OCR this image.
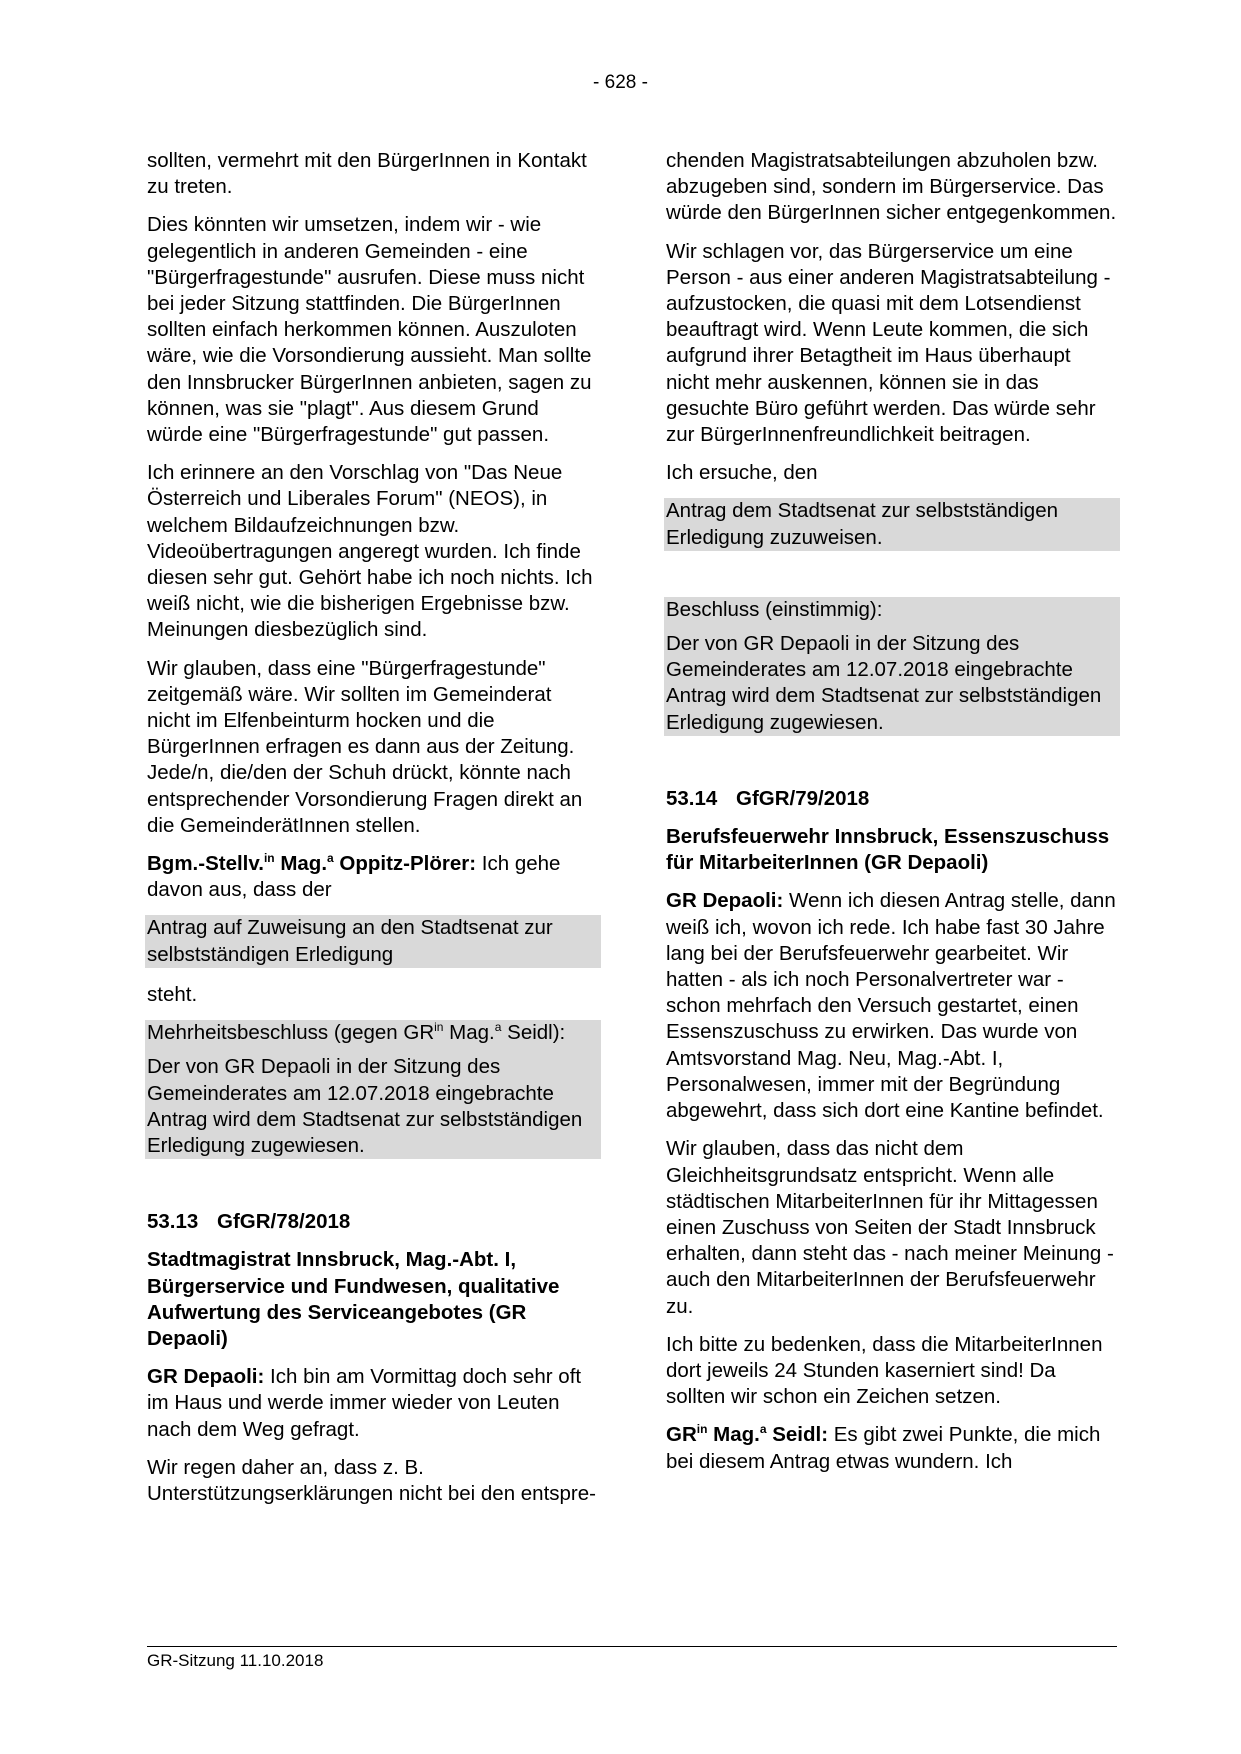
- 628 -

sollten, vermehrt mit den BürgerInnen in Kontakt zu treten.

Dies könnten wir umsetzen, indem wir - wie gelegentlich in anderen Gemeinden - eine "Bürgerfragestunde" ausrufen. Diese muss nicht bei jeder Sitzung stattfinden. Die BürgerInnen sollten einfach herkommen können. Auszuloten wäre, wie die Vorsondierung aussieht. Man sollte den Innsbrucker BürgerInnen anbieten, sagen zu können, was sie "plagt". Aus diesem Grund würde eine "Bürgerfragestunde" gut passen.

Ich erinnere an den Vorschlag von "Das Neue Österreich und Liberales Forum" (NEOS), in welchem Bildaufzeichnungen bzw. Videoübertragungen angeregt wurden. Ich finde diesen sehr gut. Gehört habe ich noch nichts. Ich weiß nicht, wie die bisherigen Ergebnisse bzw. Meinungen diesbezüglich sind.

Wir glauben, dass eine "Bürgerfragestunde" zeitgemäß wäre. Wir sollten im Gemeinderat nicht im Elfenbeinturm hocken und die BürgerInnen erfragen es dann aus der Zeitung. Jede/n, die/den der Schuh drückt, könnte nach entsprechender Vorsondierung Fragen direkt an die GemeinderätInnen stellen.

Bgm.-Stellv.$^{in}$ Mag.$^a$ Oppitz-Plörer: Ich gehe davon aus, dass der

Antrag auf Zuweisung an den Stadtsenat zur selbstständigen Erledigung

steht.

Mehrheitsbeschluss (gegen $GR^{in}$ Mag.$^a$ Seidl):

Der von GR Depaoli in der Sitzung des Gemeinderates am 12.07.2018 eingebrachte Antrag wird dem Stadtsenat zur selbstständigen Erledigung zugewiesen.

53.13 GfGR/78/2018

Stadtmagistrat Innsbruck, Mag.-Abt. I, Bürgerservice und Fundwesen, qualitative Aufwertung des Serviceangebotes (GR Depaoli)

GR Depaoli: Ich bin am Vormittag doch sehr oft im Haus und werde immer wieder von Leuten nach dem Weg gefragt.

Wir regen daher an, dass z. B. Unterstützungserklärungen nicht bei den entspre-

chenden Magistratsabteilungen abzuholen bzw. abzugeben sind, sondern im Bürgerservice. Das würde den BürgerInnen sicher entgegenkommen.

Wir schlagen vor, das Bürgerservice um eine Person - aus einer anderen Magistratsabteilung - aufzustocken, die quasi mit dem Lotsendienst beauftragt wird. Wenn Leute kommen, die sich aufgrund ihrer Betagtheit im Haus überhaupt nicht mehr auskennen, können sie in das gesuchte Büro geführt werden. Das würde sehr zur BürgerInnenfreundlichkeit beitragen.

Ich ersuche, den

Antrag dem Stadtsenat zur selbstständigen Erledigung zuzuweisen.

Beschluss (einstimmig):

Der von GR Depaoli in der Sitzung des Gemeinderates am 12.07.2018 eingebrachte Antrag wird dem Stadtsenat zur selbstständigen Erledigung zugewiesen.

53.14 GfGR/79/2018

Berufsfeuerwehr Innsbruck, Essenszuschuss für MitarbeiterInnen (GR Depaoli)

GR Depaoli: Wenn ich diesen Antrag stelle, dann weiß ich, wovon ich rede. Ich habe fast 30 Jahre lang bei der Berufsfeuerwehr gearbeitet. Wir hatten - als ich noch Personalvertreter war - schon mehrfach den Versuch gestartet, einen Essenszuschuss zu erwirken. Das wurde von Amtsvorstand Mag. Neu, Mag.-Abt. I, Personalwesen, immer mit der Begründung abgewehrt, dass sich dort eine Kantine befindet.

Wir glauben, dass das nicht dem Gleichheitsgrundsatz entspricht. Wenn alle städtischen MitarbeiterInnen für ihr Mittagessen einen Zuschuss von Seiten der Stadt Innsbruck erhalten, dann steht das - nach meiner Meinung - auch den MitarbeiterInnen der Berufsfeuerwehr zu.

Ich bitte zu bedenken, dass die MitarbeiterInnen dort jeweils 24 Stunden kaserniert sind! Da sollten wir schon ein Zeichen setzen.

$GR^{in}$ Mag.$^a$ Seidl: Es gibt zwei Punkte, die mich bei diesem Antrag etwas wundern. Ich

GR-Sitzung 11.10.2018
